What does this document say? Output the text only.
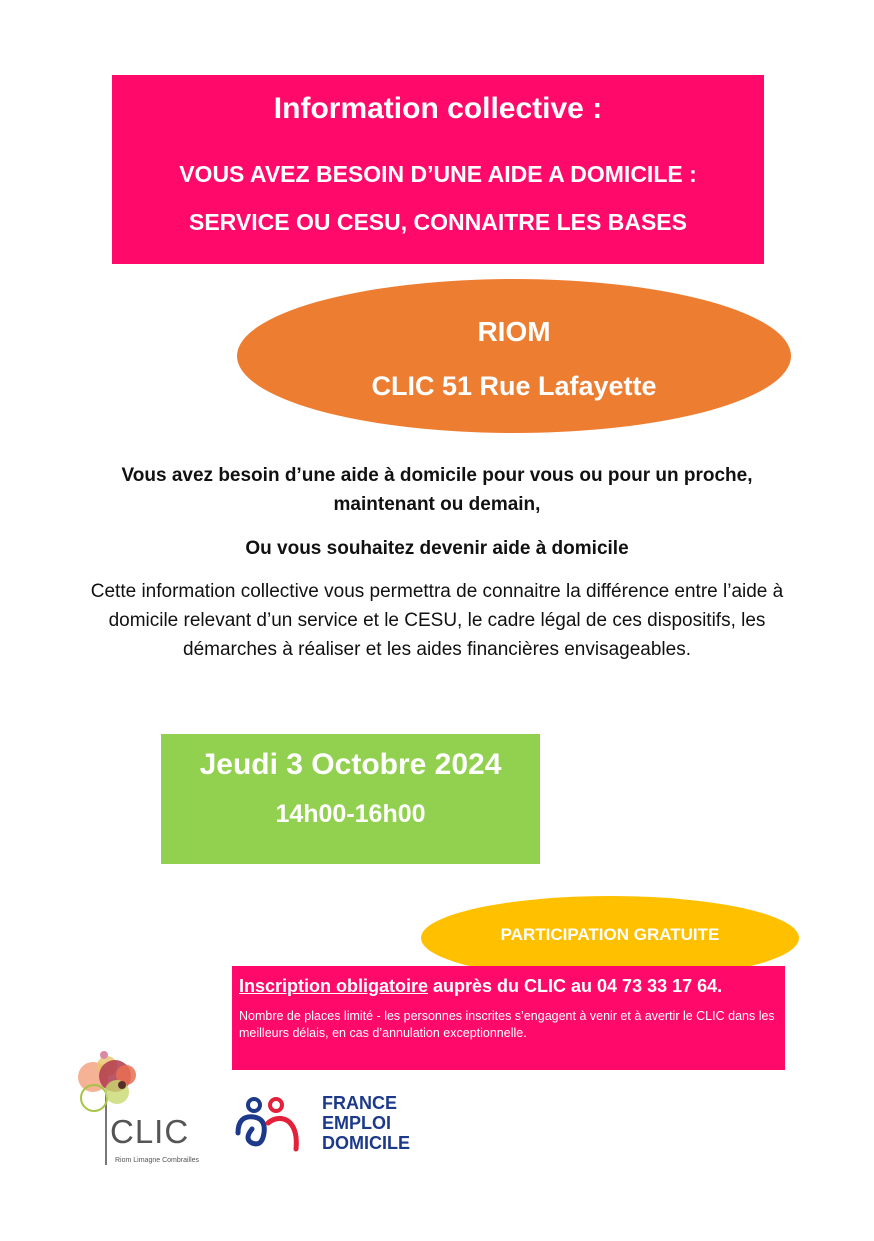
Information collective :
VOUS AVEZ BESOIN D’UNE AIDE A DOMICILE :
SERVICE OU CESU, CONNAITRE LES BASES
RIOM
CLIC 51 Rue Lafayette
Vous avez besoin d’une aide à domicile pour vous ou pour un proche, maintenant ou demain,
Ou vous souhaitez devenir aide à domicile
Cette information collective vous permettra de connaitre la différence entre l’aide à domicile relevant d’un service et le CESU, le cadre légal de ces dispositifs, les démarches à réaliser et les aides financières envisageables.
Jeudi 3 Octobre 2024
14h00-16h00
PARTICIPATION GRATUITE
Inscription obligatoire auprès du CLIC au 04 73 33 17 64.
Nombre de places limité - les personnes inscrites s’engagent à venir et à avertir le CLIC dans les meilleurs délais, en cas d’annulation exceptionnelle.
CLIC
Riom Limagne Combrailles
FRANCE
EMPLOI
DOMICILE
